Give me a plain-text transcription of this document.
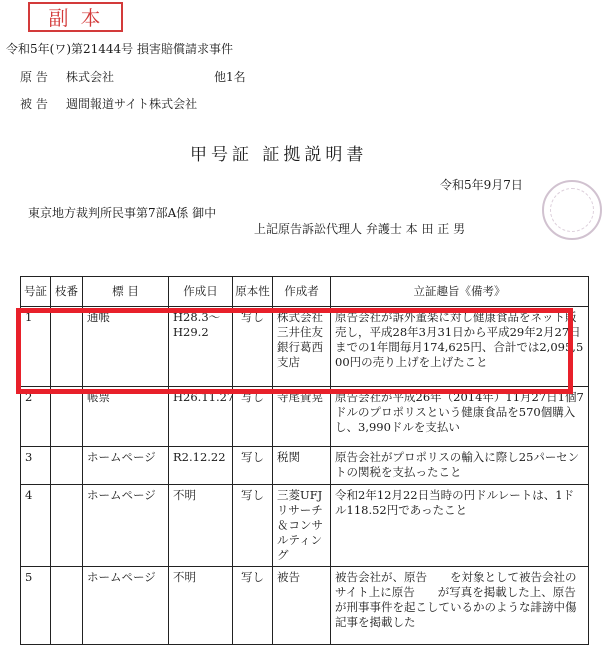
副本
令和5年(ワ)第21444号 損害賠償請求事件
原 告 株式会社	他1名
被 告 週間報道サイト株式会社
甲号証 証拠説明書
令和5年9月7日
東京地方裁判所民事第7部A係 御中
上記原告訴訟代理人 弁護士 本 田 正 男
号証	枝番	標 目	作成日	原本性	作成者	立証趣旨《備考》
1		通帳	H28.3～H29.2	写し	株式会社三井住友銀行葛西支店	原告会社が訴外董楽に対し健康食品をネット販売し，平成28年3月31日から平成29年2月27日までの1年間毎月174,625円、合計では2,095,500円の売り上げを上げたこと
2		帳票	H26.11.27	写し	寺尾貴晃	原告会社が平成26年（2014年）11月27日1個7ドルのプロポリスという健康食品を570個購入し、3,990ドルを支払い
3		ホームページ	R2.12.22	写し	税関	原告会社がプロポリスの輸入に際し25パーセントの関税を支払ったこと
4		ホームページ	不明	写し	三菱UFJリサーチ＆コンサルティング	令和2年12月22日当時の円ドルレートは、1ドル118.52円であったこと
5		ホームページ	不明	写し	被告	被告会社が、原告　　を対象として被告会社のサイト上に原告　　が写真を掲載した上、原告　　が刑事事件を起こしているかのような誹謗中傷記事を掲載した
